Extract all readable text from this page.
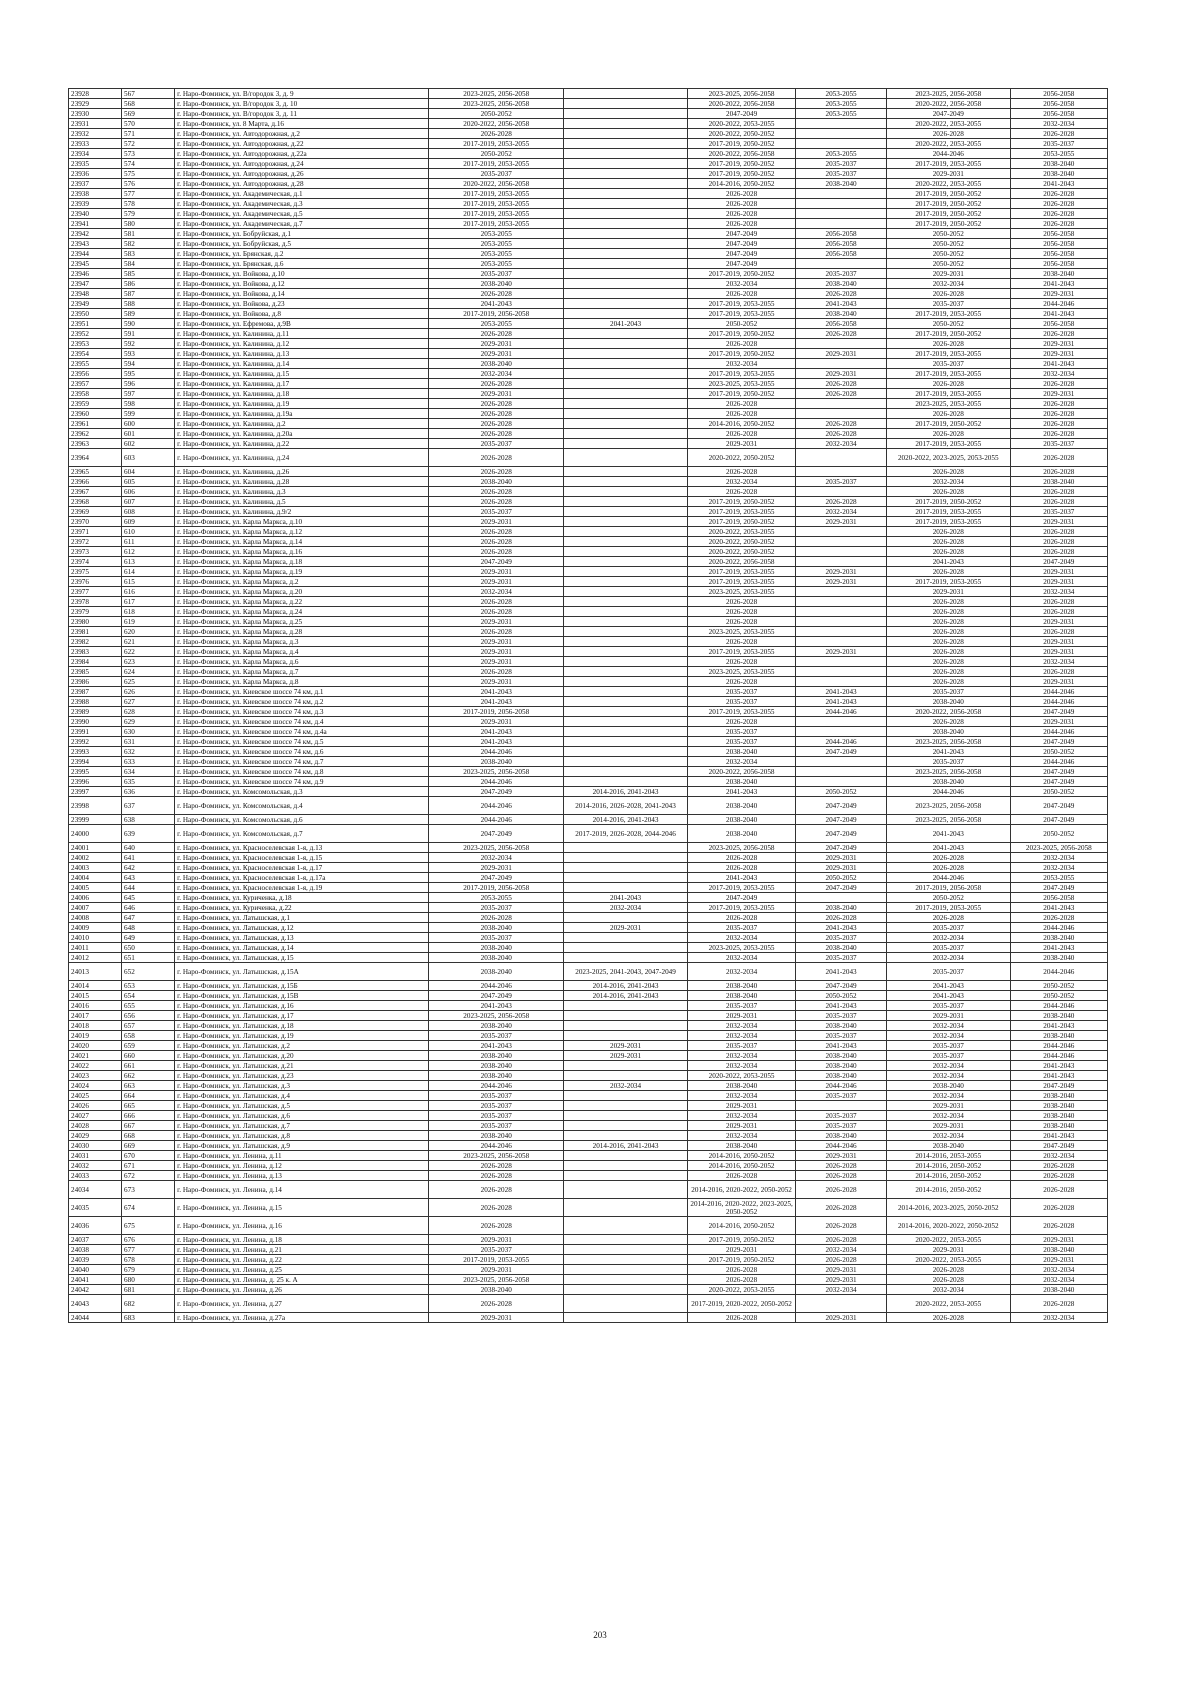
23928	567	г. Наро-Фоминск, ул. В/городок 3, д. 9	2023-2025, 2056-2058		2023-2025, 2056-2058	2053-2055	2023-2025, 2056-2058	2056-2058
23929	568	г. Наро-Фоминск, ул. В/городок 3, д. 10	2023-2025, 2056-2058		2020-2022, 2056-2058	2053-2055	2020-2022, 2056-2058	2056-2058
23930	569	г. Наро-Фоминск, ул. В/городок 3, д. 11	2050-2052		2047-2049	2053-2055	2047-2049	2056-2058
23931	570	г. Наро-Фоминск, ул. 8 Марта, д.16	2020-2022, 2056-2058		2020-2022, 2053-2055		2020-2022, 2053-2055	2032-2034
23932	571	г. Наро-Фоминск, ул. Автодорожная, д.2	2026-2028		2020-2022, 2050-2052		2026-2028	2026-2028
23933	572	г. Наро-Фоминск, ул. Автодорожная, д.22	2017-2019, 2053-2055		2017-2019, 2050-2052		2020-2022, 2053-2055	2035-2037
23934	573	г. Наро-Фоминск, ул. Автодорожная, д.22а	2050-2052		2020-2022, 2056-2058	2053-2055	2044-2046	2053-2055
23935	574	г. Наро-Фоминск, ул. Автодорожная, д.24	2017-2019, 2053-2055		2017-2019, 2050-2052	2035-2037	2017-2019, 2053-2055	2038-2040
23936	575	г. Наро-Фоминск, ул. Автодорожная, д.26	2035-2037		2017-2019, 2050-2052	2035-2037	2029-2031	2038-2040
23937	576	г. Наро-Фоминск, ул. Автодорожная, д.28	2020-2022, 2056-2058		2014-2016, 2050-2052	2038-2040	2020-2022, 2053-2055	2041-2043
23938	577	г. Наро-Фоминск, ул. Академическая, д.1	2017-2019, 2053-2055		2026-2028		2017-2019, 2050-2052	2026-2028
23939	578	г. Наро-Фоминск, ул. Академическая, д.3	2017-2019, 2053-2055		2026-2028		2017-2019, 2050-2052	2026-2028
23940	579	г. Наро-Фоминск, ул. Академическая, д.5	2017-2019, 2053-2055		2026-2028		2017-2019, 2050-2052	2026-2028
23941	580	г. Наро-Фоминск, ул. Академическая, д.7	2017-2019, 2053-2055		2026-2028		2017-2019, 2050-2052	2026-2028
23942	581	г. Наро-Фоминск, ул. Бобруйская, д.1	2053-2055		2047-2049	2056-2058	2050-2052	2056-2058
23943	582	г. Наро-Фоминск, ул. Бобруйская, д.5	2053-2055		2047-2049	2056-2058	2050-2052	2056-2058
23944	583	г. Наро-Фоминск, ул. Брянская, д.2	2053-2055		2047-2049	2056-2058	2050-2052	2056-2058
23945	584	г. Наро-Фоминск, ул. Брянская, д.6	2053-2055		2047-2049		2050-2052	2056-2058
23946	585	г. Наро-Фоминск, ул. Войкова, д.10	2035-2037		2017-2019, 2050-2052	2035-2037	2029-2031	2038-2040
23947	586	г. Наро-Фоминск, ул. Войкова, д.12	2038-2040		2032-2034	2038-2040	2032-2034	2041-2043
23948	587	г. Наро-Фоминск, ул. Войкова, д.14	2026-2028		2026-2028	2026-2028	2026-2028	2029-2031
23949	588	г. Наро-Фоминск, ул. Войкова, д.23	2041-2043		2017-2019, 2053-2055	2041-2043	2035-2037	2044-2046
23950	589	г. Наро-Фоминск, ул. Войкова, д.8	2017-2019, 2056-2058		2017-2019, 2053-2055	2038-2040	2017-2019, 2053-2055	2041-2043
23951	590	г. Наро-Фоминск, ул. Ефремова, д.9В	2053-2055	2041-2043	2050-2052	2056-2058	2050-2052	2056-2058
23952	591	г. Наро-Фоминск, ул. Калинина, д.11	2026-2028		2017-2019, 2050-2052	2026-2028	2017-2019, 2050-2052	2026-2028
23953	592	г. Наро-Фоминск, ул. Калинина, д.12	2029-2031		2026-2028		2026-2028	2029-2031
23954	593	г. Наро-Фоминск, ул. Калинина, д.13	2029-2031		2017-2019, 2050-2052	2029-2031	2017-2019, 2053-2055	2029-2031
23955	594	г. Наро-Фоминск, ул. Калинина, д.14	2038-2040		2032-2034		2035-2037	2041-2043
23956	595	г. Наро-Фоминск, ул. Калинина, д.15	2032-2034		2017-2019, 2053-2055	2029-2031	2017-2019, 2053-2055	2032-2034
23957	596	г. Наро-Фоминск, ул. Калинина, д.17	2026-2028		2023-2025, 2053-2055	2026-2028	2026-2028	2026-2028
23958	597	г. Наро-Фоминск, ул. Калинина, д.18	2029-2031		2017-2019, 2050-2052	2026-2028	2017-2019, 2053-2055	2029-2031
23959	598	г. Наро-Фоминск, ул. Калинина, д.19	2026-2028		2026-2028		2023-2025, 2053-2055	2026-2028
23960	599	г. Наро-Фоминск, ул. Калинина, д.19а	2026-2028		2026-2028		2026-2028	2026-2028
23961	600	г. Наро-Фоминск, ул. Калинина, д.2	2026-2028		2014-2016, 2050-2052	2026-2028	2017-2019, 2050-2052	2026-2028
23962	601	г. Наро-Фоминск, ул. Калинина, д.20а	2026-2028		2026-2028	2026-2028	2026-2028	2026-2028
23963	602	г. Наро-Фоминск, ул. Калинина, д.22	2035-2037		2029-2031	2032-2034	2017-2019, 2053-2055	2035-2037
23964	603	г. Наро-Фоминск, ул. Калинина, д.24	2026-2028		2020-2022, 2050-2052		2020-2022, 2023-2025, 2053-2055	2026-2028
23965	604	г. Наро-Фоминск, ул. Калинина, д.26	2026-2028		2026-2028		2026-2028	2026-2028
23966	605	г. Наро-Фоминск, ул. Калинина, д.28	2038-2040		2032-2034	2035-2037	2032-2034	2038-2040
23967	606	г. Наро-Фоминск, ул. Калинина, д.3	2026-2028		2026-2028		2026-2028	2026-2028
23968	607	г. Наро-Фоминск, ул. Калинина, д.5	2026-2028		2017-2019, 2050-2052	2026-2028	2017-2019, 2050-2052	2026-2028
23969	608	г. Наро-Фоминск, ул. Калинина, д.9/2	2035-2037		2017-2019, 2053-2055	2032-2034	2017-2019, 2053-2055	2035-2037
23970	609	г. Наро-Фоминск, ул. Карла Маркса, д.10	2029-2031		2017-2019, 2050-2052	2029-2031	2017-2019, 2053-2055	2029-2031
23971	610	г. Наро-Фоминск, ул. Карла Маркса, д.12	2026-2028		2020-2022, 2053-2055		2026-2028	2026-2028
23972	611	г. Наро-Фоминск, ул. Карла Маркса, д.14	2026-2028		2020-2022, 2050-2052		2026-2028	2026-2028
23973	612	г. Наро-Фоминск, ул. Карла Маркса, д.16	2026-2028		2020-2022, 2050-2052		2026-2028	2026-2028
23974	613	г. Наро-Фоминск, ул. Карла Маркса, д.18	2047-2049		2020-2022, 2056-2058		2041-2043	2047-2049
23975	614	г. Наро-Фоминск, ул. Карла Маркса, д.19	2029-2031		2017-2019, 2053-2055	2029-2031	2026-2028	2029-2031
23976	615	г. Наро-Фоминск, ул. Карла Маркса, д.2	2029-2031		2017-2019, 2053-2055	2029-2031	2017-2019, 2053-2055	2029-2031
23977	616	г. Наро-Фоминск, ул. Карла Маркса, д.20	2032-2034		2023-2025, 2053-2055		2029-2031	2032-2034
23978	617	г. Наро-Фоминск, ул. Карла Маркса, д.22	2026-2028		2026-2028		2026-2028	2026-2028
23979	618	г. Наро-Фоминск, ул. Карла Маркса, д.24	2026-2028		2026-2028		2026-2028	2026-2028
23980	619	г. Наро-Фоминск, ул. Карла Маркса, д.25	2029-2031		2026-2028		2026-2028	2029-2031
23981	620	г. Наро-Фоминск, ул. Карла Маркса, д.28	2026-2028		2023-2025, 2053-2055		2026-2028	2026-2028
23982	621	г. Наро-Фоминск, ул. Карла Маркса, д.3	2029-2031		2026-2028		2026-2028	2029-2031
23983	622	г. Наро-Фоминск, ул. Карла Маркса, д.4	2029-2031		2017-2019, 2053-2055	2029-2031	2026-2028	2029-2031
23984	623	г. Наро-Фоминск, ул. Карла Маркса, д.6	2029-2031		2026-2028		2026-2028	2032-2034
23985	624	г. Наро-Фоминск, ул. Карла Маркса, д.7	2026-2028		2023-2025, 2053-2055		2026-2028	2026-2028
23986	625	г. Наро-Фоминск, ул. Карла Маркса, д.8	2029-2031		2026-2028		2026-2028	2029-2031
23987	626	г. Наро-Фоминск, ул. Киевское шоссе 74 км, д.1	2041-2043		2035-2037	2041-2043	2035-2037	2044-2046
23988	627	г. Наро-Фоминск, ул. Киевское шоссе 74 км, д.2	2041-2043		2035-2037	2041-2043	2038-2040	2044-2046
23989	628	г. Наро-Фоминск, ул. Киевское шоссе 74 км, д.3	2017-2019, 2056-2058		2017-2019, 2053-2055	2044-2046	2020-2022, 2056-2058	2047-2049
23990	629	г. Наро-Фоминск, ул. Киевское шоссе 74 км, д.4	2029-2031		2026-2028		2026-2028	2029-2031
23991	630	г. Наро-Фоминск, ул. Киевское шоссе 74 км, д.4а	2041-2043		2035-2037		2038-2040	2044-2046
23992	631	г. Наро-Фоминск, ул. Киевское шоссе 74 км, д.5	2041-2043		2035-2037	2044-2046	2023-2025, 2056-2058	2047-2049
23993	632	г. Наро-Фоминск, ул. Киевское шоссе 74 км, д.6	2044-2046		2038-2040	2047-2049	2041-2043	2050-2052
23994	633	г. Наро-Фоминск, ул. Киевское шоссе 74 км, д.7	2038-2040		2032-2034		2035-2037	2044-2046
23995	634	г. Наро-Фоминск, ул. Киевское шоссе 74 км, д.8	2023-2025, 2056-2058		2020-2022, 2056-2058		2023-2025, 2056-2058	2047-2049
23996	635	г. Наро-Фоминск, ул. Киевское шоссе 74 км, д.9	2044-2046		2038-2040		2038-2040	2047-2049
23997	636	г. Наро-Фоминск, ул. Комсомольская, д.3	2047-2049	2014-2016, 2041-2043	2041-2043	2050-2052	2044-2046	2050-2052
23998	637	г. Наро-Фоминск, ул. Комсомольская, д.4	2044-2046	2014-2016, 2026-2028, 2041-2043	2038-2040	2047-2049	2023-2025, 2056-2058	2047-2049
23999	638	г. Наро-Фоминск, ул. Комсомольская, д.6	2044-2046	2014-2016, 2041-2043	2038-2040	2047-2049	2023-2025, 2056-2058	2047-2049
24000	639	г. Наро-Фоминск, ул. Комсомольская, д.7	2047-2049	2017-2019, 2026-2028, 2044-2046	2038-2040	2047-2049	2041-2043	2050-2052
24001	640	г. Наро-Фоминск, ул. Красноселевская 1-я, д.13	2023-2025, 2056-2058		2023-2025, 2056-2058	2047-2049	2041-2043	2023-2025, 2056-2058
24002	641	г. Наро-Фоминск, ул. Красноселевская 1-я, д.15	2032-2034		2026-2028	2029-2031	2026-2028	2032-2034
24003	642	г. Наро-Фоминск, ул. Красноселевская 1-я, д.17	2029-2031		2026-2028	2029-2031	2026-2028	2032-2034
24004	643	г. Наро-Фоминск, ул. Красноселевская 1-я, д.17а	2047-2049		2041-2043	2050-2052	2044-2046	2053-2055
24005	644	г. Наро-Фоминск, ул. Красноселевская 1-я, д.19	2017-2019, 2056-2058		2017-2019, 2053-2055	2047-2049	2017-2019, 2056-2058	2047-2049
24006	645	г. Наро-Фоминск, ул. Куриченка, д.18	2053-2055	2041-2043	2047-2049		2050-2052	2056-2058
24007	646	г. Наро-Фоминск, ул. Куриченка, д.22	2035-2037	2032-2034	2017-2019, 2053-2055	2038-2040	2017-2019, 2053-2055	2041-2043
24008	647	г. Наро-Фоминск, ул. Латышская, д.1	2026-2028		2026-2028	2026-2028	2026-2028	2026-2028
24009	648	г. Наро-Фоминск, ул. Латышская, д.12	2038-2040	2029-2031	2035-2037	2041-2043	2035-2037	2044-2046
24010	649	г. Наро-Фоминск, ул. Латышская, д.13	2035-2037		2032-2034	2035-2037	2032-2034	2038-2040
24011	650	г. Наро-Фоминск, ул. Латышская, д.14	2038-2040		2023-2025, 2053-2055	2038-2040	2035-2037	2041-2043
24012	651	г. Наро-Фоминск, ул. Латышская, д.15	2038-2040		2032-2034	2035-2037	2032-2034	2038-2040
24013	652	г. Наро-Фоминск, ул. Латышская, д.15А	2038-2040	2023-2025, 2041-2043, 2047-2049	2032-2034	2041-2043	2035-2037	2044-2046
24014	653	г. Наро-Фоминск, ул. Латышская, д.15Б	2044-2046	2014-2016, 2041-2043	2038-2040	2047-2049	2041-2043	2050-2052
24015	654	г. Наро-Фоминск, ул. Латышская, д.15В	2047-2049	2014-2016, 2041-2043	2038-2040	2050-2052	2041-2043	2050-2052
24016	655	г. Наро-Фоминск, ул. Латышская, д.16	2041-2043		2035-2037	2041-2043	2035-2037	2044-2046
24017	656	г. Наро-Фоминск, ул. Латышская, д.17	2023-2025, 2056-2058		2029-2031	2035-2037	2029-2031	2038-2040
24018	657	г. Наро-Фоминск, ул. Латышская, д.18	2038-2040		2032-2034	2038-2040	2032-2034	2041-2043
24019	658	г. Наро-Фоминск, ул. Латышская, д.19	2035-2037		2032-2034	2035-2037	2032-2034	2038-2040
24020	659	г. Наро-Фоминск, ул. Латышская, д.2	2041-2043	2029-2031	2035-2037	2041-2043	2035-2037	2044-2046
24021	660	г. Наро-Фоминск, ул. Латышская, д.20	2038-2040	2029-2031	2032-2034	2038-2040	2035-2037	2044-2046
24022	661	г. Наро-Фоминск, ул. Латышская, д.21	2038-2040		2032-2034	2038-2040	2032-2034	2041-2043
24023	662	г. Наро-Фоминск, ул. Латышская, д.23	2038-2040		2020-2022, 2053-2055	2038-2040	2032-2034	2041-2043
24024	663	г. Наро-Фоминск, ул. Латышская, д.3	2044-2046	2032-2034	2038-2040	2044-2046	2038-2040	2047-2049
24025	664	г. Наро-Фоминск, ул. Латышская, д.4	2035-2037		2032-2034	2035-2037	2032-2034	2038-2040
24026	665	г. Наро-Фоминск, ул. Латышская, д.5	2035-2037		2029-2031		2029-2031	2038-2040
24027	666	г. Наро-Фоминск, ул. Латышская, д.6	2035-2037		2032-2034	2035-2037	2032-2034	2038-2040
24028	667	г. Наро-Фоминск, ул. Латышская, д.7	2035-2037		2029-2031	2035-2037	2029-2031	2038-2040
24029	668	г. Наро-Фоминск, ул. Латышская, д.8	2038-2040		2032-2034	2038-2040	2032-2034	2041-2043
24030	669	г. Наро-Фоминск, ул. Латышская, д.9	2044-2046	2014-2016, 2041-2043	2038-2040	2044-2046	2038-2040	2047-2049
24031	670	г. Наро-Фоминск, ул. Ленина, д.11	2023-2025, 2056-2058		2014-2016, 2050-2052	2029-2031	2014-2016, 2053-2055	2032-2034
24032	671	г. Наро-Фоминск, ул. Ленина, д.12	2026-2028		2014-2016, 2050-2052	2026-2028	2014-2016, 2050-2052	2026-2028
24033	672	г. Наро-Фоминск, ул. Ленина, д.13	2026-2028		2026-2028	2026-2028	2014-2016, 2050-2052	2026-2028
24034	673	г. Наро-Фоминск, ул. Ленина, д.14	2026-2028		2014-2016, 2020-2022, 2050-2052	2026-2028	2014-2016, 2050-2052	2026-2028
24035	674	г. Наро-Фоминск, ул. Ленина, д.15	2026-2028		2014-2016, 2020-2022, 2023-2025, 2050-2052	2026-2028	2014-2016, 2023-2025, 2050-2052	2026-2028
24036	675	г. Наро-Фоминск, ул. Ленина, д.16	2026-2028		2014-2016, 2050-2052	2026-2028	2014-2016, 2020-2022, 2050-2052	2026-2028
24037	676	г. Наро-Фоминск, ул. Ленина, д.18	2029-2031		2017-2019, 2050-2052	2026-2028	2020-2022, 2053-2055	2029-2031
24038	677	г. Наро-Фоминск, ул. Ленина, д.21	2035-2037		2029-2031	2032-2034	2029-2031	2038-2040
24039	678	г. Наро-Фоминск, ул. Ленина, д.22	2017-2019, 2053-2055		2017-2019, 2050-2052	2026-2028	2020-2022, 2053-2055	2029-2031
24040	679	г. Наро-Фоминск, ул. Ленина, д.25	2029-2031		2026-2028	2029-2031	2026-2028	2032-2034
24041	680	г. Наро-Фоминск, ул. Ленина, д. 25 к. А	2023-2025, 2056-2058		2026-2028	2029-2031	2026-2028	2032-2034
24042	681	г. Наро-Фоминск, ул. Ленина, д.26	2038-2040		2020-2022, 2053-2055	2032-2034	2032-2034	2038-2040
24043	682	г. Наро-Фоминск, ул. Ленина, д.27	2026-2028		2017-2019, 2020-2022, 2050-2052		2020-2022, 2053-2055	2026-2028
24044	683	г. Наро-Фоминск, ул. Ленина, д.27а	2029-2031		2026-2028	2029-2031	2026-2028	2032-2034
203
